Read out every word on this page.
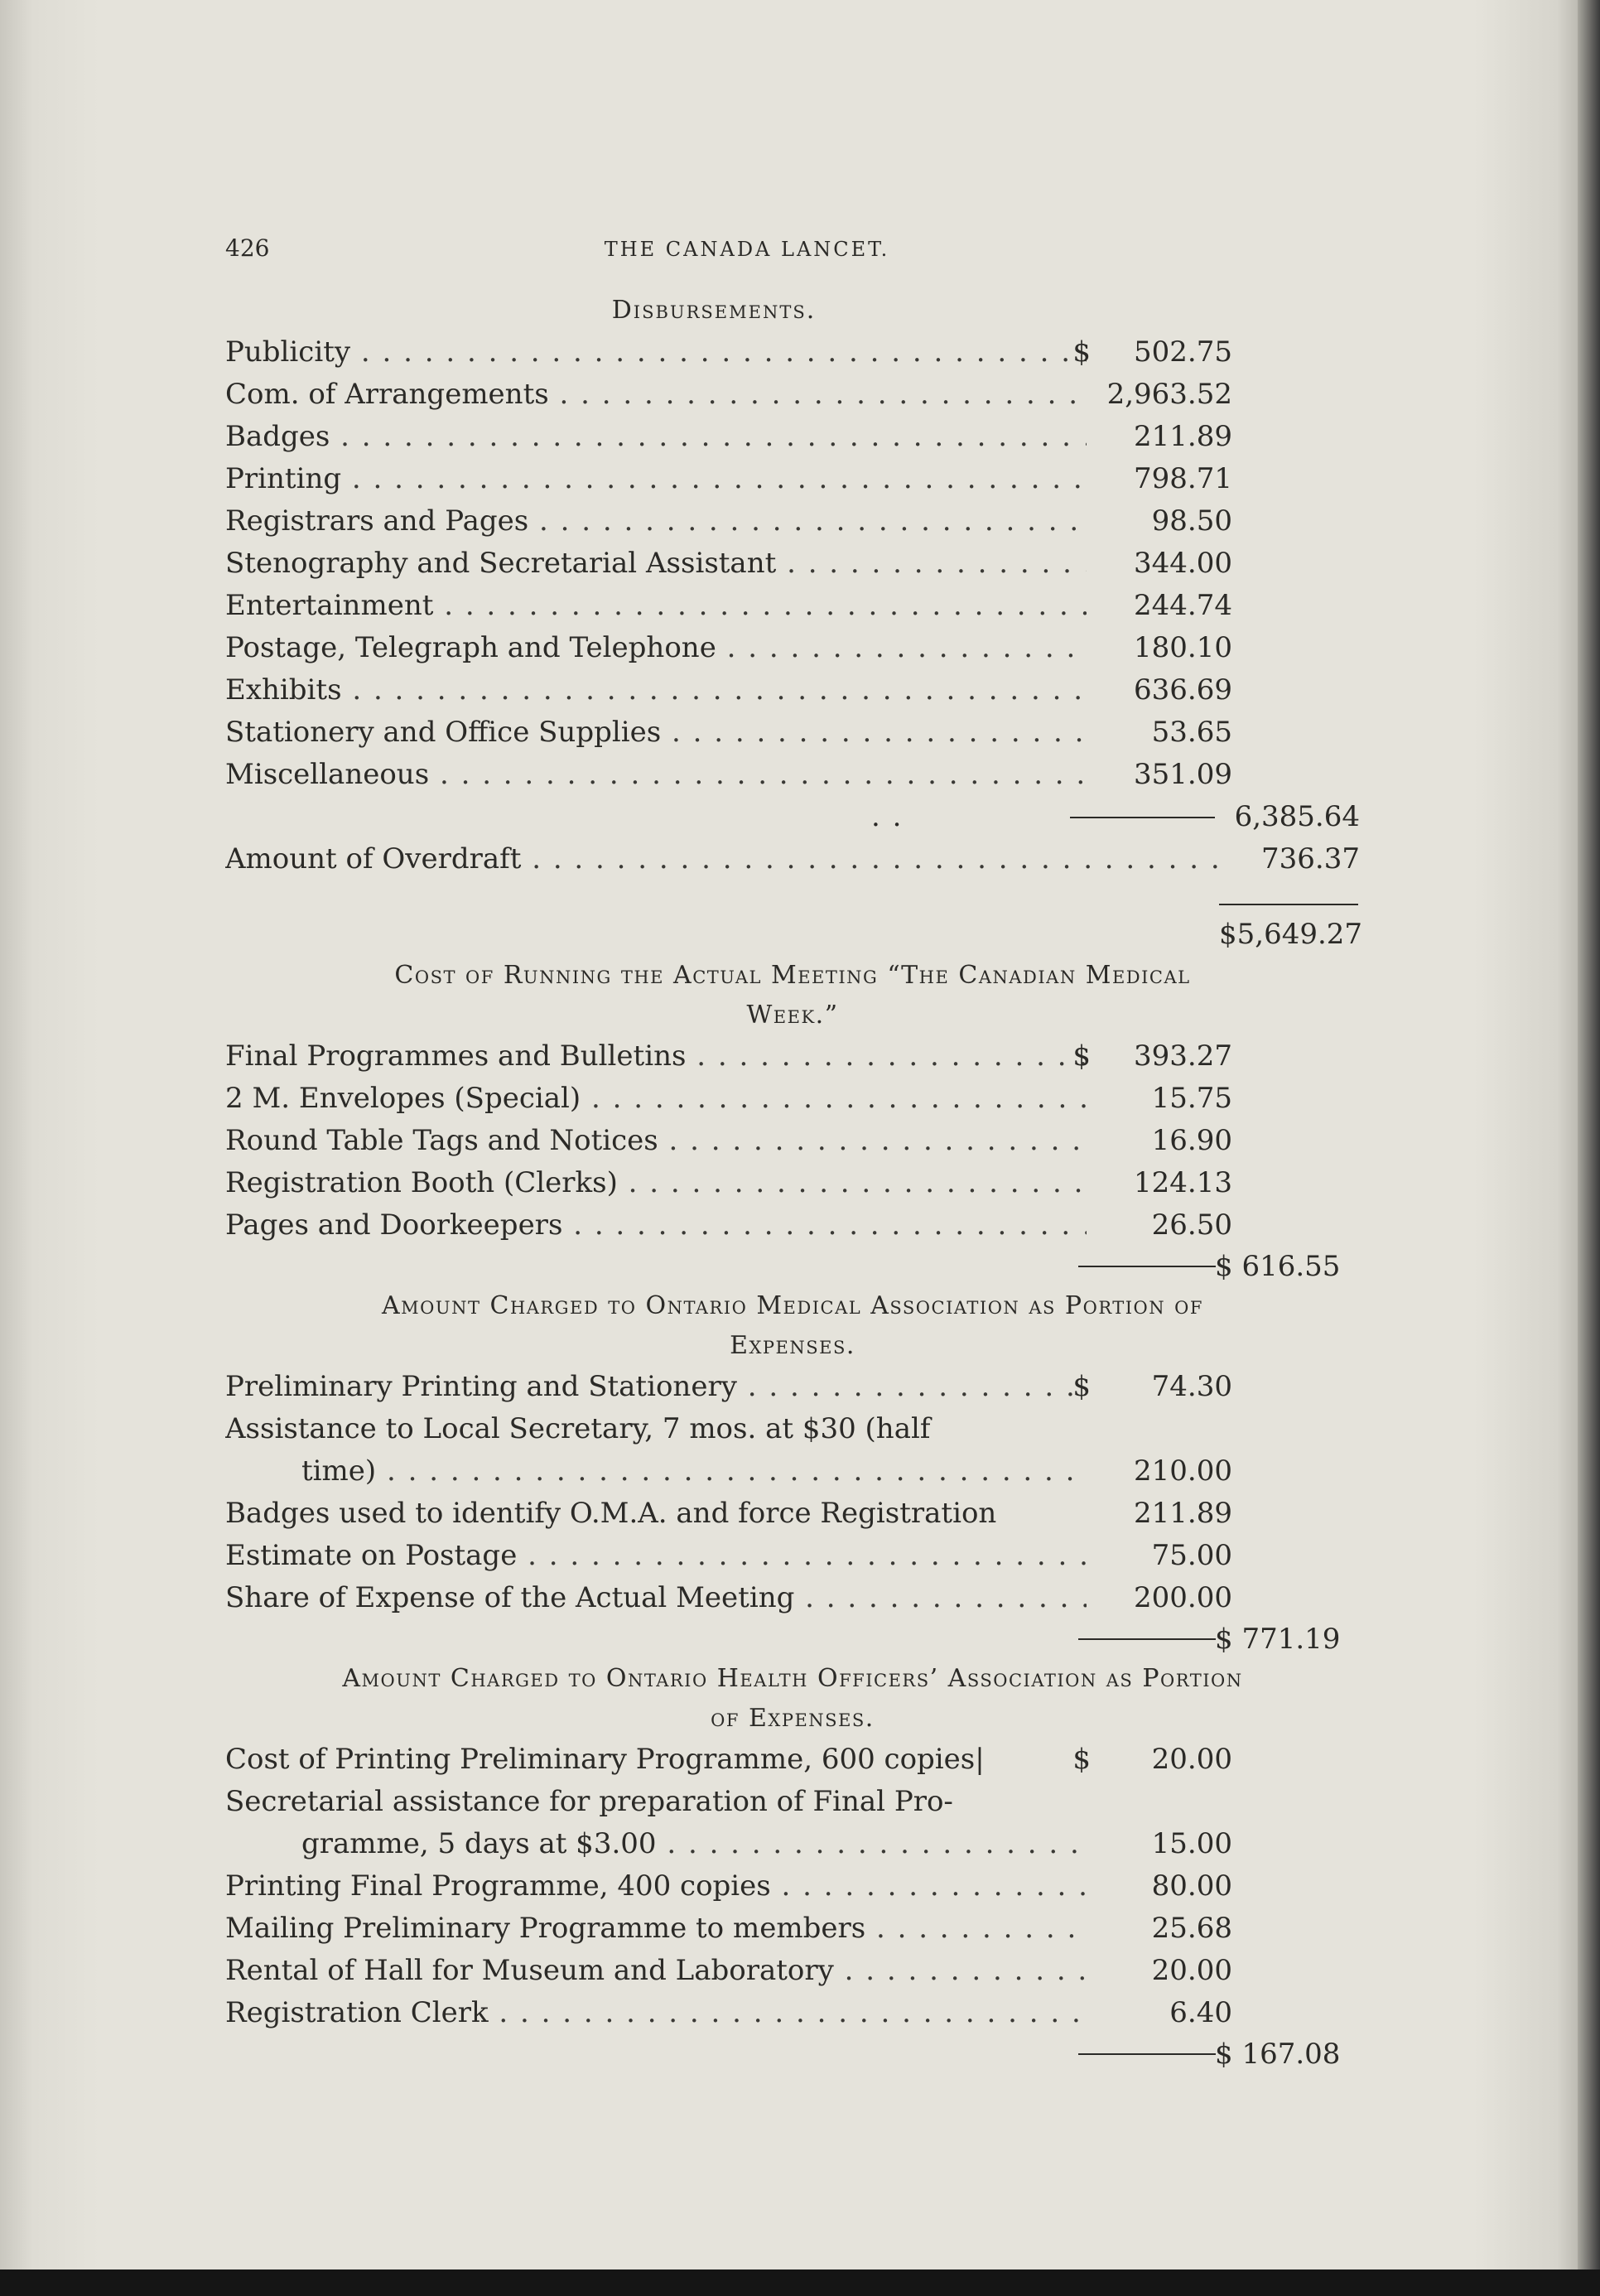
426	THE CANADA LANCET.
Disbursements.
Publicity . . .	$	502.75
Com. of Arrangements . . .	2,963.52
Badges . . .	211.89
Printing . . .	798.71
Registrars and Pages . . .	98.50
Stenography and Secretarial Assistant . . .	344.00
Entertainment . . .	244.74
Postage, Telegraph and Telephone . . .	180.10
Exhibits . . .	636.69
Stationery and Office Supplies . . .	53.65
Miscellaneous . . .	351.09
. .	6,385.64
Amount of Overdraft . . .	736.37
$5,649.27
Cost of Running the Actual Meeting “The Canadian Medical
Week.”
Final Programmes and Bulletins . . .	$	393.27
2 M. Envelopes (Special) . . .	15.75
Round Table Tags and Notices . . .	16.90
Registration Booth (Clerks) . . .	124.13
Pages and Doorkeepers . . .	26.50
$ 616.55
Amount Charged to Ontario Medical Association as Portion of
Expenses.
Preliminary Printing and Stationery . . .	$	74.30
Assistance to Local Secretary, 7 mos. at $30 (half
time) . . .	210.00
Badges used to identify O.M.A. and force Registration	211.89
Estimate on Postage . . .	75.00
Share of Expense of the Actual Meeting . . .	200.00
$ 771.19
Amount Charged to Ontario Health Officers’ Association as Portion
of Expenses.
Cost of Printing Preliminary Programme, 600 copies|	$	20.00
Secretarial assistance for preparation of Final Pro-
gramme, 5 days at $3.00 . . .	15.00
Printing Final Programme, 400 copies . . .	80.00
Mailing Preliminary Programme to members . . .	25.68
Rental of Hall for Museum and Laboratory . . .	20.00
Registration Clerk . . .	6.40
$ 167.08
